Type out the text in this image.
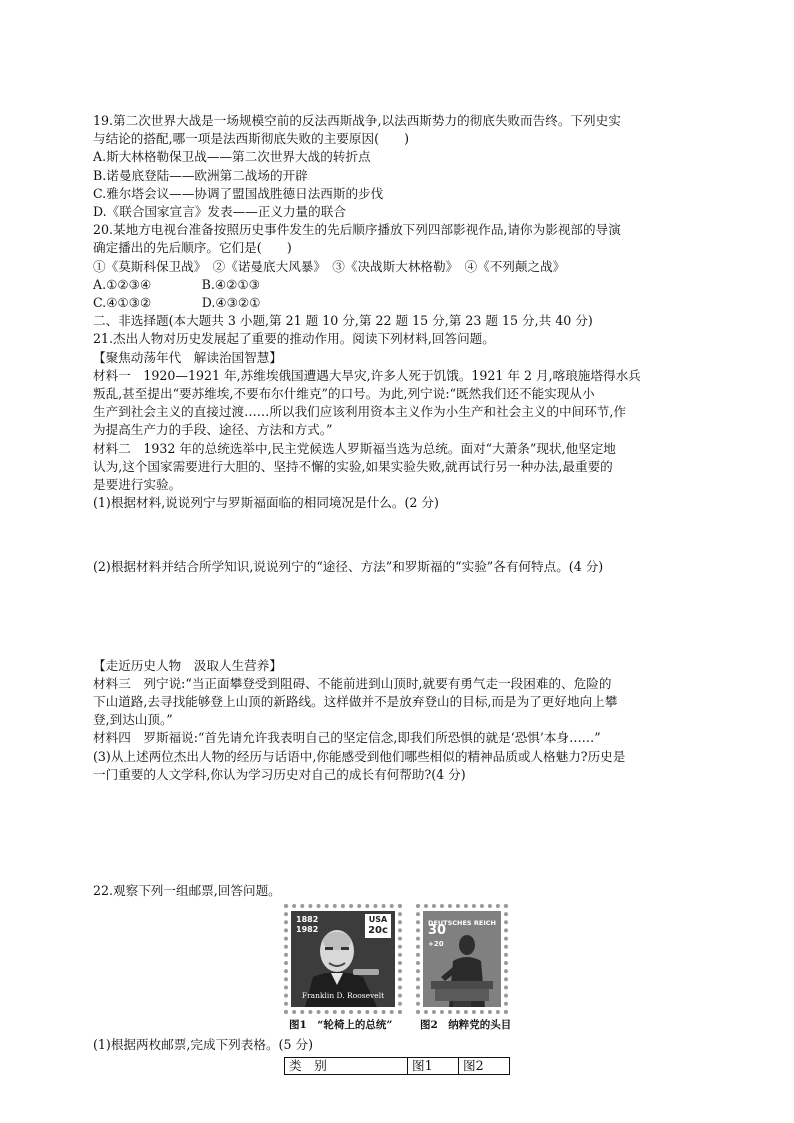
19.第二次世界大战是一场规模空前的反法西斯战争,以法西斯势力的彻底失败而告终。下列史实
与结论的搭配,哪一项是法西斯彻底失败的主要原因(　　)
A.斯大林格勒保卫战——第二次世界大战的转折点
B.诺曼底登陆——欧洲第二战场的开辟
C.雅尔塔会议——协调了盟国战胜德日法西斯的步伐
D.《联合国家宣言》发表——正义力量的联合
20.某地方电视台准备按照历史事件发生的先后顺序播放下列四部影视作品,请你为影视部的导演
确定播出的先后顺序。它们是(　　)
①《莫斯科保卫战》　②《诺曼底大风暴》　③《决战斯大林格勒》　④《不列颠之战》
A.①②③④　　　　B.④②①③
C.④①③②　　　　D.④③②①
二、非选择题(本大题共 3 小题,第 21 题 10 分,第 22 题 15 分,第 23 题 15 分,共 40 分)
21.杰出人物对历史发展起了重要的推动作用。阅读下列材料,回答问题。
【聚焦动荡年代　解读治国智慧】
材料一　1920—1921 年,苏维埃俄国遭遇大旱灾,许多人死于饥饿。1921 年 2 月,喀琅施塔得水兵
叛乱,甚至提出“要苏维埃,不要布尔什维克”的口号。为此,列宁说:“既然我们还不能实现从小
生产到社会主义的直接过渡……所以我们应该利用资本主义作为小生产和社会主义的中间环节,作
为提高生产力的手段、途径、方法和方式。”
材料二　1932 年的总统选举中,民主党候选人罗斯福当选为总统。面对“大萧条”现状,他坚定地
认为,这个国家需要进行大胆的、坚持不懈的实验,如果实验失败,就再试行另一种办法,最重要的
是要进行实验。
(1)根据材料,说说列宁与罗斯福面临的相同境况是什么。(2 分)
(2)根据材料并结合所学知识,说说列宁的“途径、方法”和罗斯福的“实验”各有何特点。(4 分)
【走近历史人物　汲取人生营养】
材料三　列宁说:“当正面攀登受到阻碍、不能前进到山顶时,就要有勇气走一段困难的、危险的
下山道路,去寻找能够登上山顶的新路线。这样做并不是放弃登山的目标,而是为了更好地向上攀
登,到达山顶。”
材料四　罗斯福说:“首先请允许我表明自己的坚定信念,即我们所恐惧的就是‘恐惧’本身……”
(3)从上述两位杰出人物的经历与话语中,你能感受到他们哪些相似的精神品质或人格魅力?历史是
一门重要的人文学科,你认为学习历史对自己的成长有何帮助?(4 分)
22.观察下列一组邮票,回答问题。
1882
1982
USA
20c
Franklin D. Roosevelt
DEUTSCHES REICH
30
+20
图1　“轮椅上的总统”	图2　纳粹党的头目
(1)根据两枚邮票,完成下列表格。(5 分)
类　别	图1	图2
